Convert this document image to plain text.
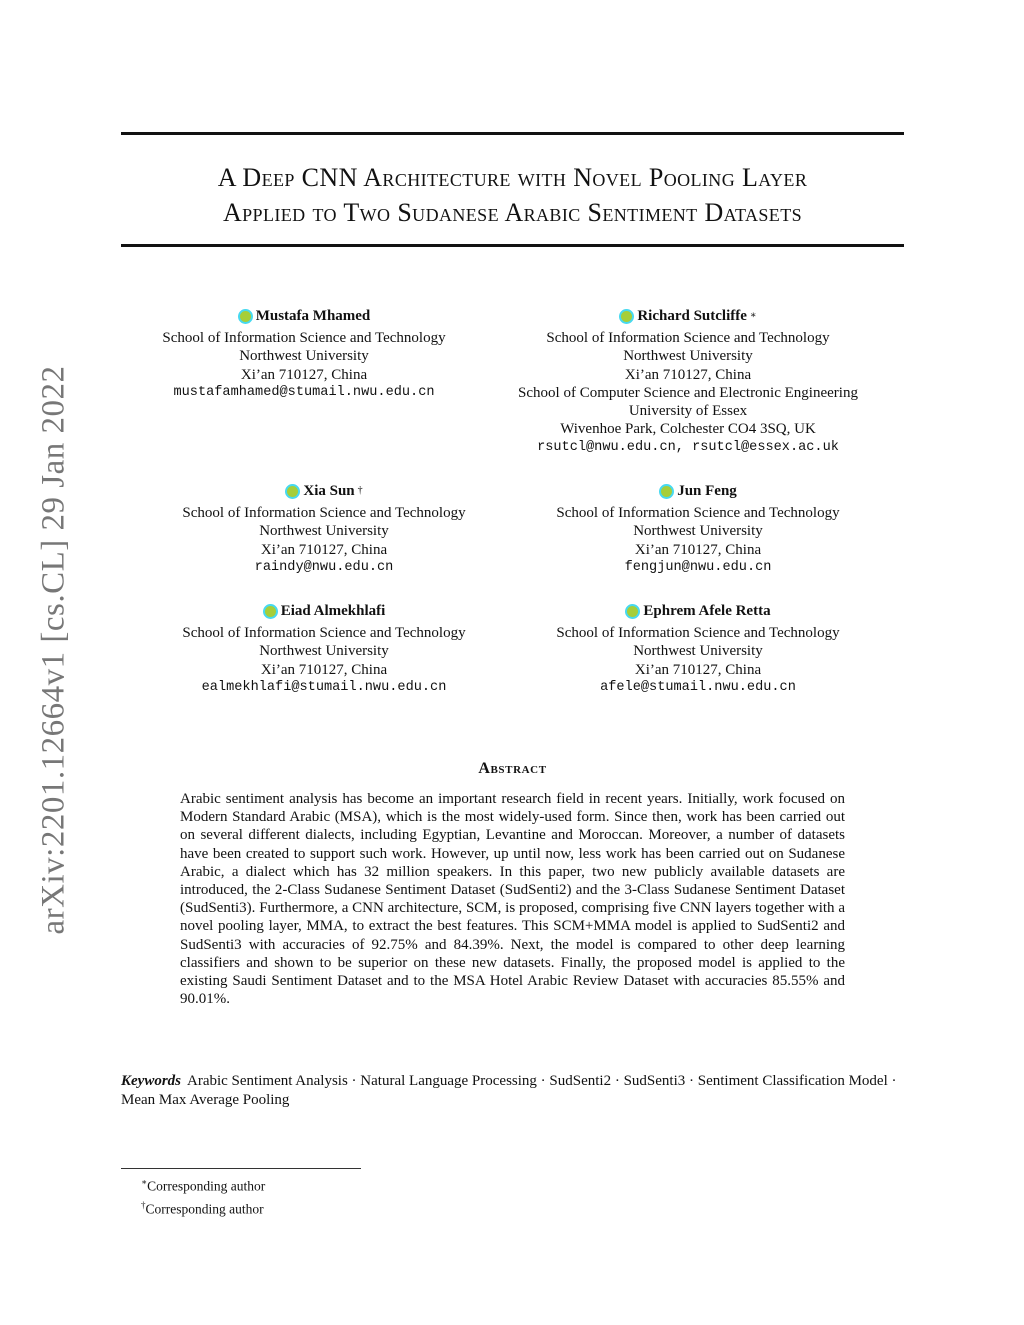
arXiv:2201.12664v1 [cs.CL] 29 Jan 2022
A Deep CNN Architecture with Novel Pooling Layer
Applied to Two Sudanese Arabic Sentiment Datasets
Mustafa Mhamed
School of Information Science and Technology
Northwest University
Xi’an 710127, China
mustafamhamed@stumail.nwu.edu.cn
Richard Sutcliffe ∗
School of Information Science and Technology
Northwest University
Xi’an 710127, China
School of Computer Science and Electronic Engineering
University of Essex
Wivenhoe Park, Colchester CO4 3SQ, UK
rsutcl@nwu.edu.cn, rsutcl@essex.ac.uk
Xia Sun †
School of Information Science and Technology
Northwest University
Xi’an 710127, China
raindy@nwu.edu.cn
Jun Feng
School of Information Science and Technology
Northwest University
Xi’an 710127, China
fengjun@nwu.edu.cn
Eiad Almekhlafi
School of Information Science and Technology
Northwest University
Xi’an 710127, China
ealmekhlafi@stumail.nwu.edu.cn
Ephrem Afele Retta
School of Information Science and Technology
Northwest University
Xi’an 710127, China
afele@stumail.nwu.edu.cn
Abstract
Arabic sentiment analysis has become an important research field in recent years. Initially, work focused on Modern Standard Arabic (MSA), which is the most widely-used form. Since then, work has been carried out on several different dialects, including Egyptian, Levantine and Moroccan. Moreover, a number of datasets have been created to support such work. However, up until now, less work has been carried out on Sudanese Arabic, a dialect which has 32 million speakers. In this paper, two new publicly available datasets are introduced, the 2-Class Sudanese Sentiment Dataset (SudSenti2) and the 3-Class Sudanese Sentiment Dataset (SudSenti3). Furthermore, a CNN architecture, SCM, is proposed, comprising five CNN layers together with a novel pooling layer, MMA, to extract the best features. This SCM+MMA model is applied to SudSenti2 and SudSenti3 with accuracies of 92.75% and 84.39%. Next, the model is compared to other deep learning classifiers and shown to be superior on these new datasets. Finally, the proposed model is applied to the existing Saudi Sentiment Dataset and to the MSA Hotel Arabic Review Dataset with accuracies 85.55% and 90.01%.
Keywords Arabic Sentiment Analysis · Natural Language Processing · SudSenti2 · SudSenti3 · Sentiment Classification Model · Mean Max Average Pooling
∗Corresponding author
†Corresponding author
